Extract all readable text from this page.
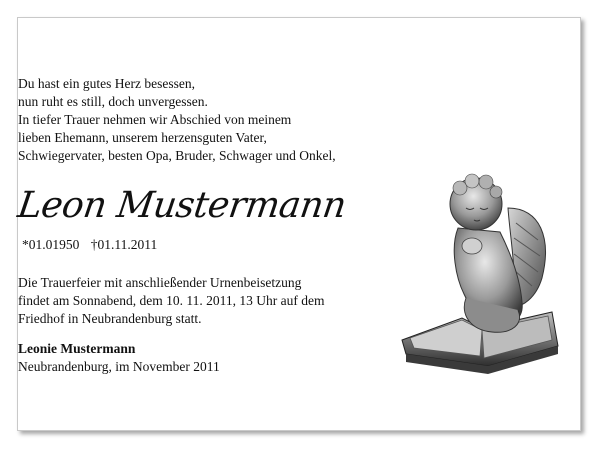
Du hast ein gutes Herz besessen,
nun ruht es still, doch unvergessen.
In tiefer Trauer nehmen wir Abschied von meinem
lieben Ehemann, unserem herzensguten Vater,
Schwiegervater, besten Opa, Bruder, Schwager und Onkel,
Leon Mustermann
*01.01950 †01.11.2011
Die Trauerfeier mit anschließender Urnenbeisetzung
findet am Sonnabend, dem 10. 11. 2011, 13 Uhr auf dem
Friedhof in Neubrandenburg statt.
Leonie Mustermann
Neubrandenburg, im November 2011
